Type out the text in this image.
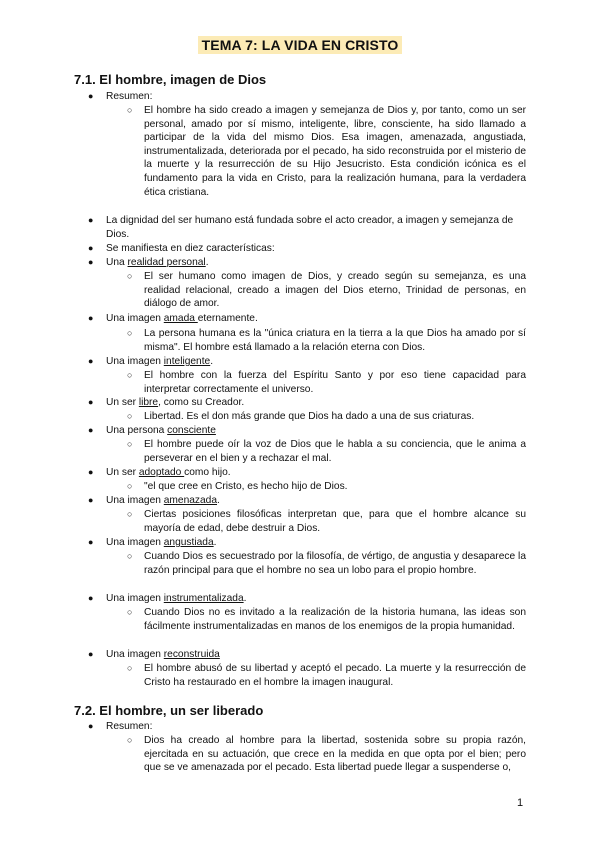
TEMA 7: LA VIDA EN CRISTO
7.1. El hombre, imagen de Dios
● Resumen:
○ El hombre ha sido creado a imagen y semejanza de Dios y, por tanto, como un ser personal, amado por sí mismo, inteligente, libre, consciente, ha sido llamado a participar de la vida del mismo Dios. Esa imagen, amenazada, angustiada, instrumentalizada, deteriorada por el pecado, ha sido reconstruida por el misterio de la muerte y la resurrección de su Hijo Jesucristo. Esta condición icónica es el fundamento para la vida en Cristo, para la realización humana, para la verdadera ética cristiana.
● La dignidad del ser humano está fundada sobre el acto creador, a imagen y semejanza de Dios.
● Se manifiesta en diez características:
● Una realidad personal.
○ El ser humano como imagen de Dios, y creado según su semejanza, es una realidad relacional, creado a imagen del Dios eterno, Trinidad de personas, en diálogo de amor.
● Una imagen amada eternamente.
○ La persona humana es la "única criatura en la tierra a la que Dios ha amado por sí misma". El hombre está llamado a la relación eterna con Dios.
● Una imagen inteligente.
○ El hombre con la fuerza del Espíritu Santo y por eso tiene capacidad para interpretar correctamente el universo.
● Un ser libre, como su Creador.
○ Libertad. Es el don más grande que Dios ha dado a una de sus criaturas.
● Una persona consciente
○ El hombre puede oír la voz de Dios que le habla a su conciencia, que le anima a perseverar en el bien y a rechazar el mal.
● Un ser adoptado como hijo.
○ "el que cree en Cristo, es hecho hijo de Dios.
● Una imagen amenazada.
○ Ciertas posiciones filosóficas interpretan que, para que el hombre alcance su mayoría de edad, debe destruir a Dios.
● Una imagen angustiada.
○ Cuando Dios es secuestrado por la filosofía, de vértigo, de angustia y desaparece la razón principal para que el hombre no sea un lobo para el propio hombre.
● Una imagen instrumentalizada.
○ Cuando Dios no es invitado a la realización de la historia humana, las ideas son fácilmente instrumentalizadas en manos de los enemigos de la propia humanidad.
● Una imagen reconstruida
○ El hombre abusó de su libertad y aceptó el pecado. La muerte y la resurrección de Cristo ha restaurado en el hombre la imagen inaugural.
7.2. El hombre, un ser liberado
● Resumen:
○ Dios ha creado al hombre para la libertad, sostenida sobre su propia razón, ejercitada en su actuación, que crece en la medida en que opta por el bien; pero que se ve amenazada por el pecado. Esta libertad puede llegar a suspenderse o,
1
